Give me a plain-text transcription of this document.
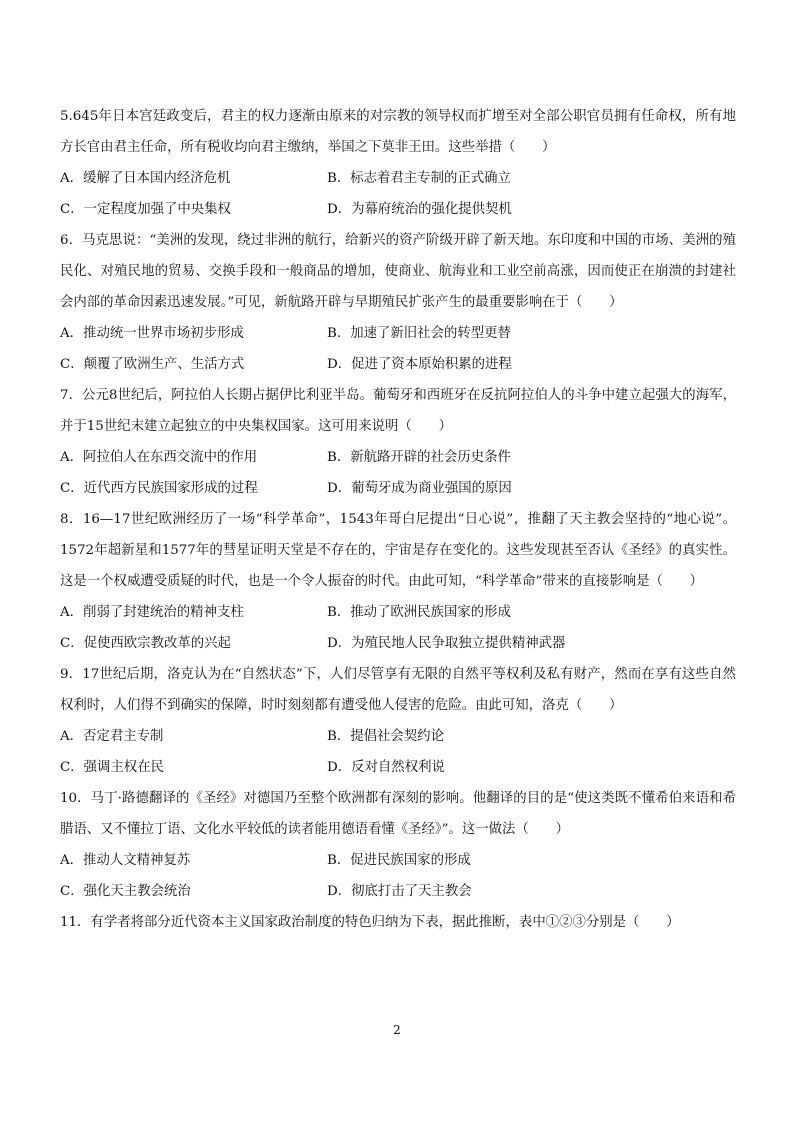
5.645年日本宫廷政变后，君主的权力逐渐由原来的对宗教的领导权而扩增至对全部公职官员拥有任命权，所有地方长官由君主任命，所有税收均向君主缴纳，举国之下莫非王田。这些举措（　　）

A．缓解了日本国内经济危机	B．标志着君主专制的正式确立
C．一定程度加强了中央集权	D．为幕府统治的强化提供契机

6．马克思说：“美洲的发现，绕过非洲的航行，给新兴的资产阶级开辟了新天地。东印度和中国的市场、美洲的殖民化、对殖民地的贸易、交换手段和一般商品的增加，使商业、航海业和工业空前高涨，因而使正在崩溃的封建社会内部的革命因素迅速发展。”可见，新航路开辟与早期殖民扩张产生的最重要影响在于（　　）

A．推动统一世界市场初步形成	B．加速了新旧社会的转型更替
C．颠覆了欧洲生产、生活方式	D．促进了资本原始积累的进程

7．公元8世纪后，阿拉伯人长期占据伊比利亚半岛。葡萄牙和西班牙在反抗阿拉伯人的斗争中建立起强大的海军，并于15世纪末建立起独立的中央集权国家。这可用来说明（　　）

A．阿拉伯人在东西交流中的作用	B．新航路开辟的社会历史条件
C．近代西方民族国家形成的过程	D．葡萄牙成为商业强国的原因

8．16—17世纪欧洲经历了一场“科学革命”，1543年哥白尼提出“日心说”，推翻了天主教会坚持的“地心说”。1572年超新星和1577年的彗星证明天堂是不存在的，宇宙是存在变化的。这些发现甚至否认《圣经》的真实性。这是一个权威遭受质疑的时代，也是一个令人振奋的时代。由此可知，“科学革命”带来的直接影响是（　　）

A．削弱了封建统治的精神支柱	B．推动了欧洲民族国家的形成
C．促使西欧宗教改革的兴起	D．为殖民地人民争取独立提供精神武器

9．17世纪后期，洛克认为在“自然状态”下，人们尽管享有无限的自然平等权利及私有财产，然而在享有这些自然权利时，人们得不到确实的保障，时时刻刻都有遭受他人侵害的危险。由此可知，洛克（　　）

A．否定君主专制	B．提倡社会契约论
C．强调主权在民	D．反对自然权利说

10．马丁·路德翻译的《圣经》对德国乃至整个欧洲都有深刻的影响。他翻译的目的是“使这类既不懂希伯来语和希腊语、又不懂拉丁语、文化水平较低的读者能用德语看懂《圣经》”。这一做法（　　）

A．推动人文精神复苏	B．促进民族国家的形成
C．强化天主教会统治	D．彻底打击了天主教会

11．有学者将部分近代资本主义国家政治制度的特色归纳为下表，据此推断，表中①②③分别是（　　）

2
